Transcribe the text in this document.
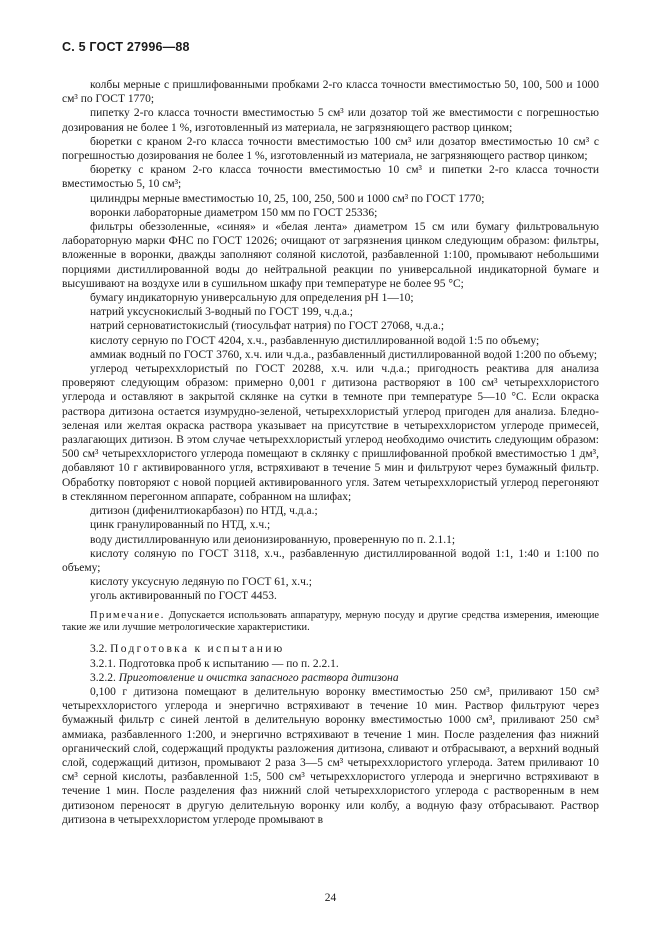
С. 5 ГОСТ 27996—88

колбы мерные с пришлифованными пробками 2-го класса точности вместимостью 50, 100, 500 и 1000 см³ по ГОСТ 1770;

пипетку 2-го класса точности вместимостью 5 см³ или дозатор той же вместимости с погрешностью дозирования не более 1 %, изготовленный из материала, не загрязняющего раствор цинком;

бюретки с краном 2-го класса точности вместимостью 100 см³ или дозатор вместимостью 10 см³ с погрешностью дозирования не более 1 %, изготовленный из материала, не загрязняющего раствор цинком;

бюретку с краном 2-го класса точности вместимостью 10 см³ и пипетки 2-го класса точности вместимостью 5, 10 см³;

цилиндры мерные вместимостью 10, 25, 100, 250, 500 и 1000 см³ по ГОСТ 1770;

воронки лабораторные диаметром 150 мм по ГОСТ 25336;

фильтры обеззоленные, «синяя» и «белая лента» диаметром 15 см или бумагу фильтровальную лабораторную марки ФНС по ГОСТ 12026; очищают от загрязнения цинком следующим образом: фильтры, вложенные в воронки, дважды заполняют соляной кислотой, разбавленной 1:100, промывают небольшими порциями дистиллированной воды до нейтральной реакции по универсальной индикаторной бумаге и высушивают на воздухе или в сушильном шкафу при температуре не более 95 °С;

бумагу индикаторную универсальную для определения рН 1—10;

натрий уксуснокислый 3-водный по ГОСТ 199, ч.д.а.;

натрий серноватистокислый (тиосульфат натрия) по ГОСТ 27068, ч.д.а.;

кислоту серную по ГОСТ 4204, х.ч., разбавленную дистиллированной водой 1:5 по объему;

аммиак водный по ГОСТ 3760, х.ч. или ч.д.а., разбавленный дистиллированной водой 1:200 по объему;

углерод четыреххлористый по ГОСТ 20288, х.ч. или ч.д.а.; пригодность реактива для анализа проверяют следующим образом: примерно 0,001 г дитизона растворяют в 100 см³ четыреххлористого углерода и оставляют в закрытой склянке на сутки в темноте при температуре 5—10 °С. Если окраска раствора дитизона остается изумрудно-зеленой, четыреххлористый углерод пригоден для анализа. Бледно-зеленая или желтая окраска раствора указывает на присутствие в четыреххлористом углероде примесей, разлагающих дитизон. В этом случае четыреххлористый углерод необходимо очистить следующим образом: 500 см³ четыреххлористого углерода помещают в склянку с пришлифованной пробкой вместимостью 1 дм³, добавляют 10 г активированного угля, встряхивают в течение 5 мин и фильтруют через бумажный фильтр. Обработку повторяют с новой порцией активированного угля. Затем четыреххлористый углерод перегоняют в стеклянном перегонном аппарате, собранном на шлифах;

дитизон (дифенилтиокарбазон) по НТД, ч.д.а.;

цинк гранулированный по НТД, х.ч.;

воду дистиллированную или деионизированную, проверенную по п. 2.1.1;

кислоту соляную по ГОСТ 3118, х.ч., разбавленную дистиллированной водой 1:1, 1:40 и 1:100 по объему;

кислоту уксусную ледяную по ГОСТ 61, х.ч.;

уголь активированный по ГОСТ 4453.

Примечание. Допускается использовать аппаратуру, мерную посуду и другие средства измерения, имеющие такие же или лучшие метрологические характеристики.

3.2. Подготовка к испытанию

3.2.1. Подготовка проб к испытанию — по п. 2.2.1.

3.2.2. Приготовление и очистка запасного раствора дитизона

0,100 г дитизона помещают в делительную воронку вместимостью 250 см³, приливают 150 см³ четыреххлористого углерода и энергично встряхивают в течение 10 мин. Раствор фильтруют через бумажный фильтр с синей лентой в делительную воронку вместимостью 1000 см³, приливают 250 см³ аммиака, разбавленного 1:200, и энергично встряхивают в течение 1 мин. После разделения фаз нижний органический слой, содержащий продукты разложения дитизона, сливают и отбрасывают, а верхний водный слой, содержащий дитизон, промывают 2 раза 3—5 см³ четыреххлористого углерода. Затем приливают 10 см³ серной кислоты, разбавленной 1:5, 500 см³ четыреххлористого углерода и энергично встряхивают в течение 1 мин. После разделения фаз нижний слой четыреххлористого углерода с растворенным в нем дитизоном переносят в другую делительную воронку или колбу, а водную фазу отбрасывают. Раствор дитизона в четыреххлористом углероде промывают в

24
